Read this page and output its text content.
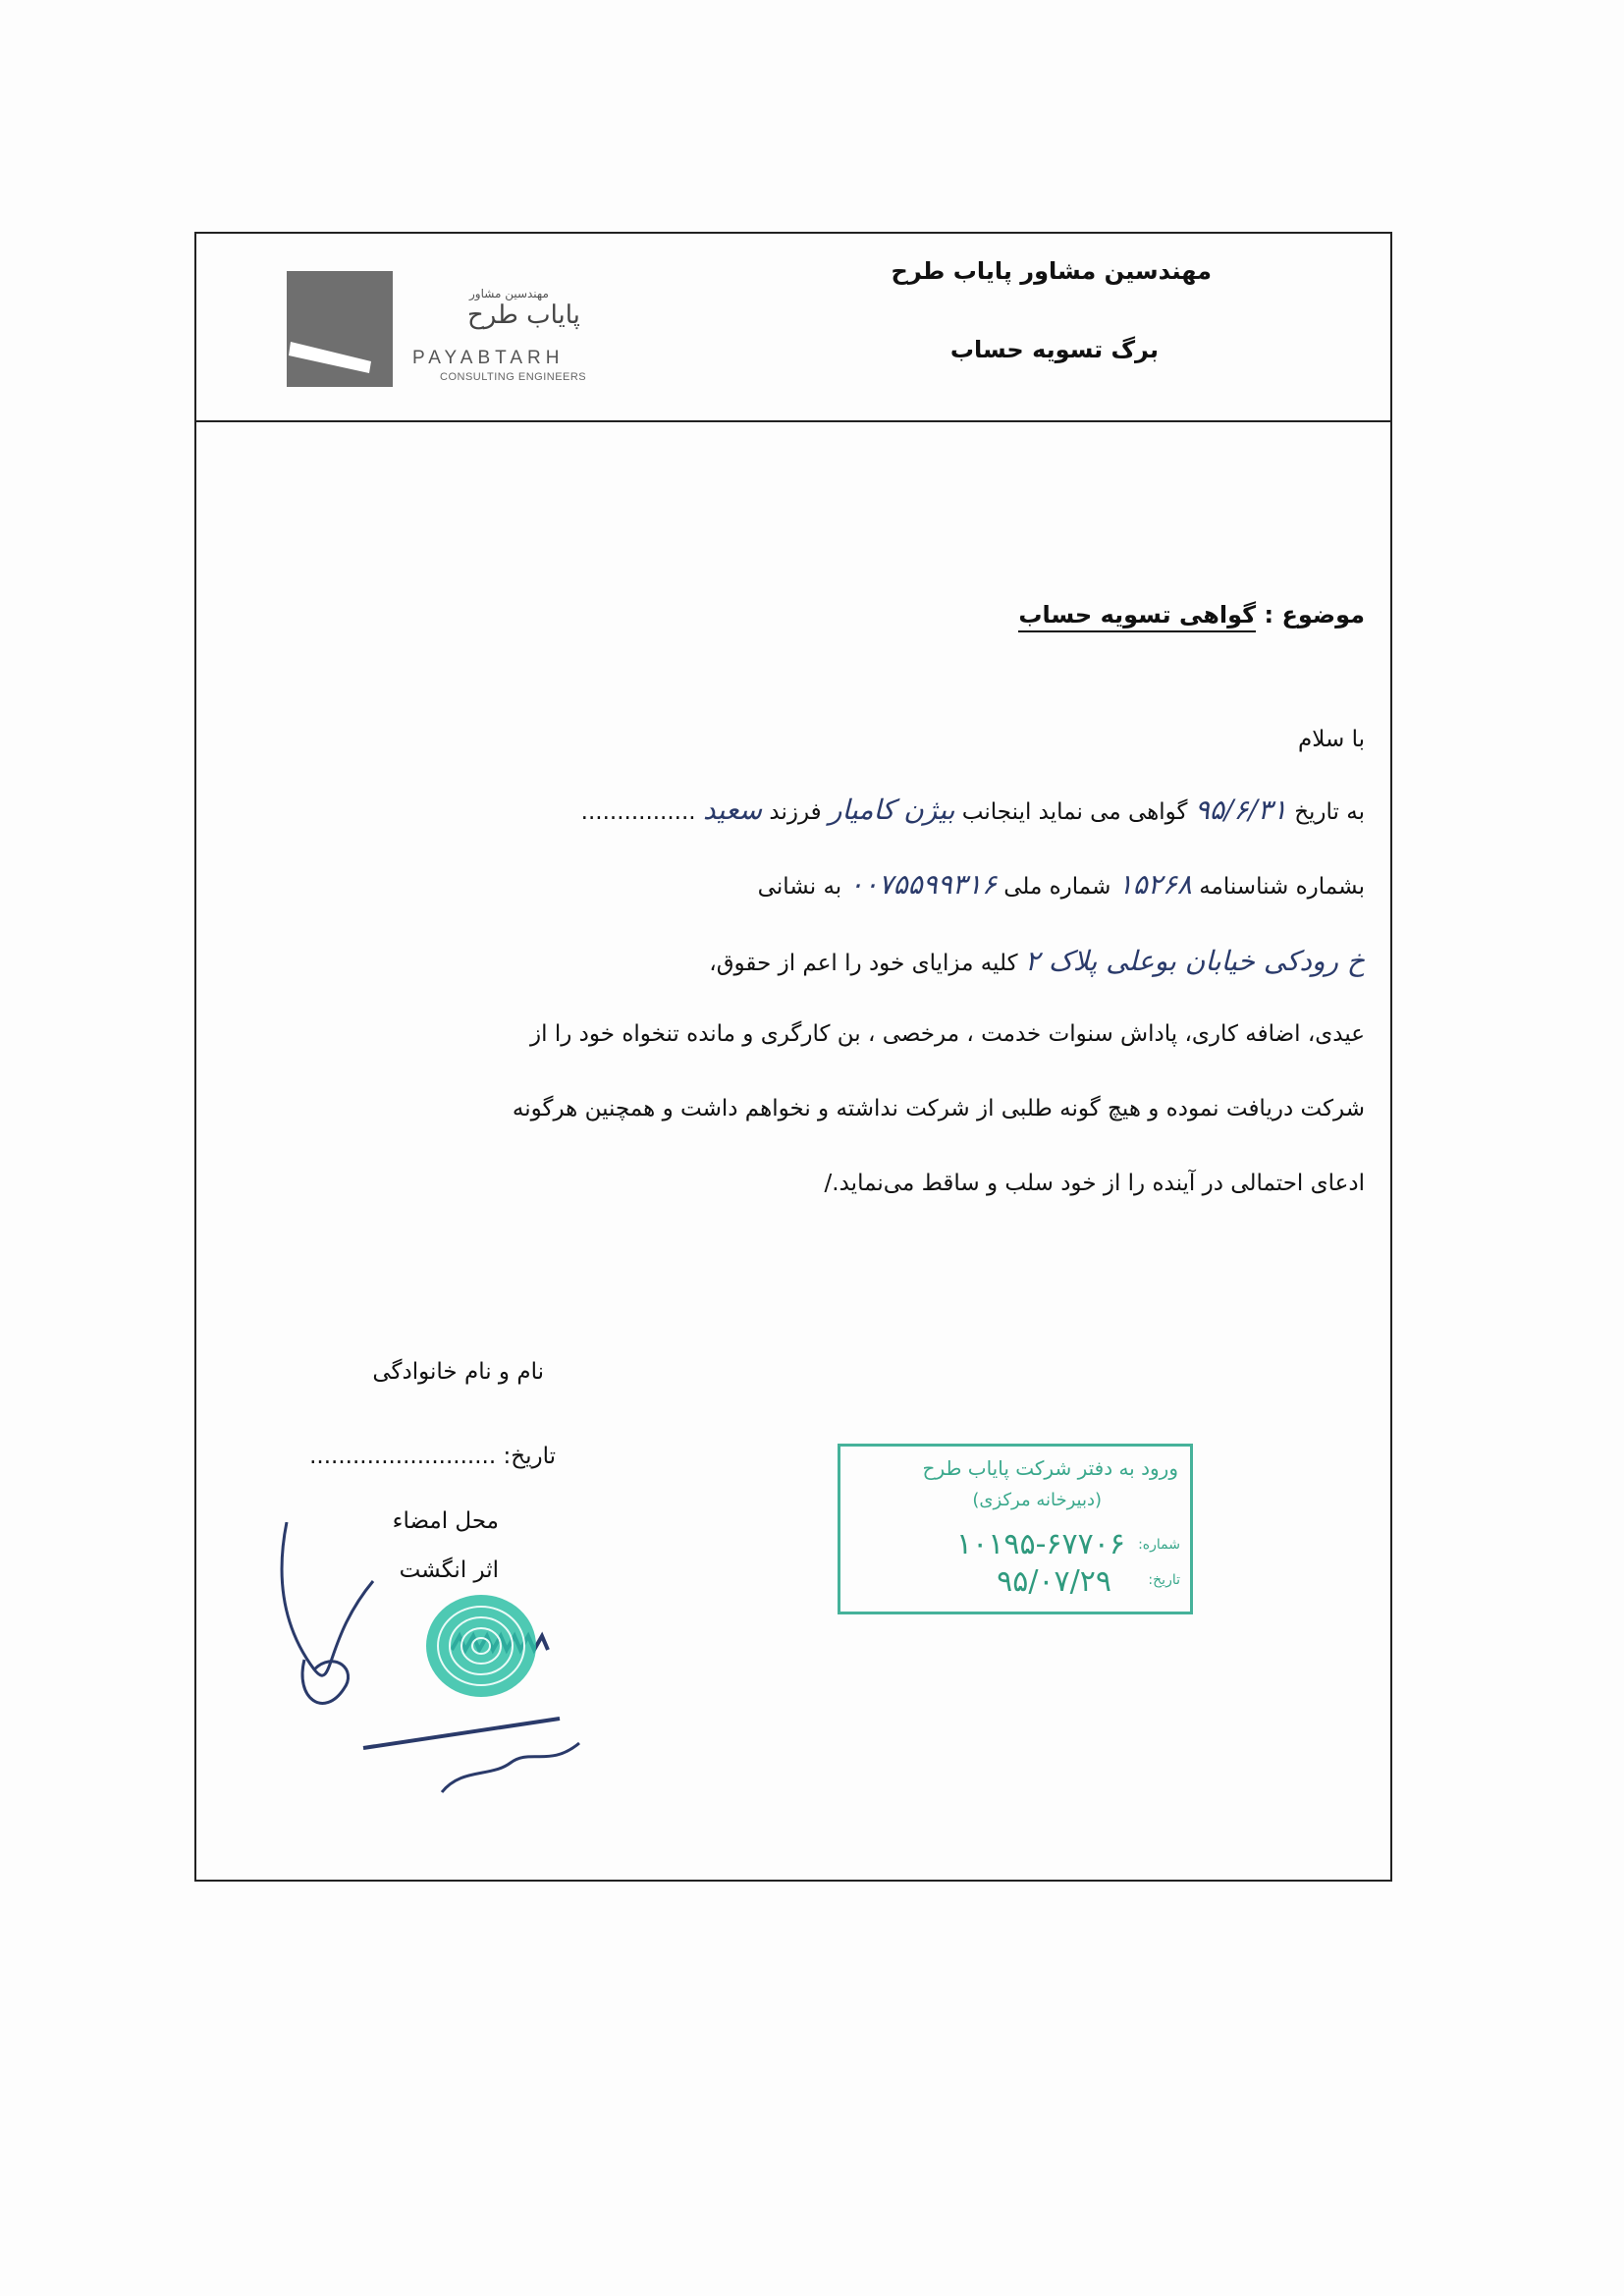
مهندسین مشاور
پایاب طرح
PAYABTARH
CONSULTING ENGINEERS
مهندسین مشاور پایاب طرح
برگ تسویه حساب
موضوع : گواهی تسویه حساب
با سلام
به تاریخ ۹۵/۶/۳۱ گواهی می نماید اینجانب بیژن کامیار فرزند سعید ................
بشماره شناسنامه ۱۵۲۶۸ شماره ملی ۰۰۷۵۵۹۹۳۱۶ به نشانی
خ رودکی خیابان بوعلی پلاک ۲ کلیه مزایای خود را اعم از حقوق،
عیدی، اضافه کاری، پاداش سنوات خدمت ، مرخصی ، بن کارگری و مانده تنخواه خود را از
شرکت دریافت نموده و هیچ گونه طلبی از شرکت نداشته و نخواهم داشت و همچنین هرگونه
ادعای احتمالی در آینده را از خود سلب و ساقط می‌نماید./
نام و نام خانوادگی
تاریخ: ..........................
محل امضاء
اثر انگشت
ورود به دفتر شرکت پایاب طرح
(دبیرخانه مرکزی)
شماره:
۱۰۱۹۵-۶۷۷۰۶
تاریخ:
۹۵/۰۷/۲۹
